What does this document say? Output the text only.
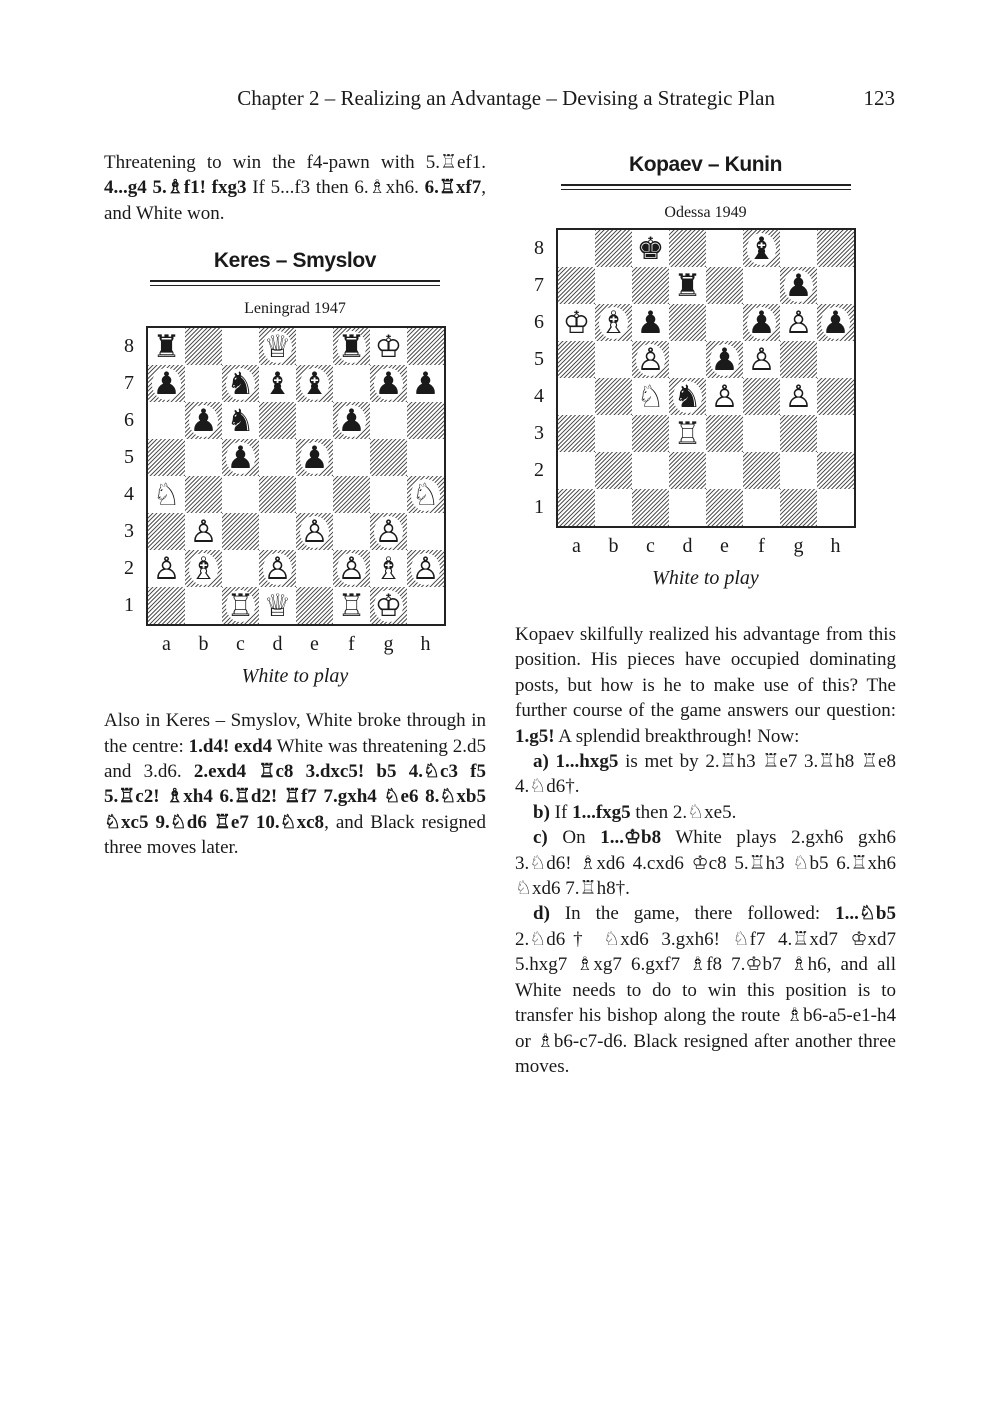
Chapter 2 – Realizing an Advantage – Devising a Strategic Plan	123

Threatening to win the f4-pawn with 5.♖ef1. 4...g4 5.♗f1! fxg3 If 5...f3 then 6.♗xh6. 6.♖xf7, and White won.

Keres – Smyslov
Leningrad 1947
♜	♕ ♜ ♔
♟ ♞ ♝ ♝ ♟ ♟
♟ ♞	♟
♟ ♟
♘	♘
♙	♙ ♙
♙ ♗ ♙ ♙ ♗ ♙
♖ ♕ ♖ ♔
8
7
6
5
4
3
2
1
a	b	c	d	e	f	g	h
White to play

Also in Keres – Smyslov, White broke through in the centre: 1.d4! exd4 White was threatening 2.d5 and 3.d6. 2.exd4 ♖c8 3.dxc5! b5 4.♘c3 f5 5.♖c2! ♗xh4 6.♖d2! ♖f7 7.gxh4 ♘e6 8.♘xb5 ♘xc5 9.♘d6 ♖e7 10.♘xc8, and Black resigned three moves later.

Kopaev – Kunin
Odessa 1949
♚	♝
♜	♟
♔ ♗ ♟	♟ ♙ ♟
♙ ♟ ♙
♘ ♞ ♙ ♙
♖
8
7
6
5
4
3
2
1
a	b	c	d	e	f	g	h
White to play

Kopaev skilfully realized his advantage from this position. His pieces have occupied dominating posts, but how is he to make use of this? The further course of the game answers our question: 1.g5! A splendid breakthrough! Now:

a) 1...hxg5 is met by 2.♖h3 ♖e7 3.♖h8 ♖e8 4.♘d6†.

b) If 1...fxg5 then 2.♘xe5.

c) On 1...♔b8 White plays 2.gxh6 gxh6 3.♘d6! ♗xd6 4.cxd6 ♔c8 5.♖h3 ♘b5 6.♖xh6 ♘xd6 7.♖h8†.

d) In the game, there followed: 1...♘b5 2.♘d6† ♘xd6 3.gxh6! ♘f7 4.♖xd7 ♔xd7 5.hxg7 ♗xg7 6.gxf7 ♗f8 7.♔b7 ♗h6, and all White needs to do to win this position is to transfer his bishop along the route ♗b6-a5-e1-h4 or ♗b6-c7-d6. Black resigned after another three moves.
